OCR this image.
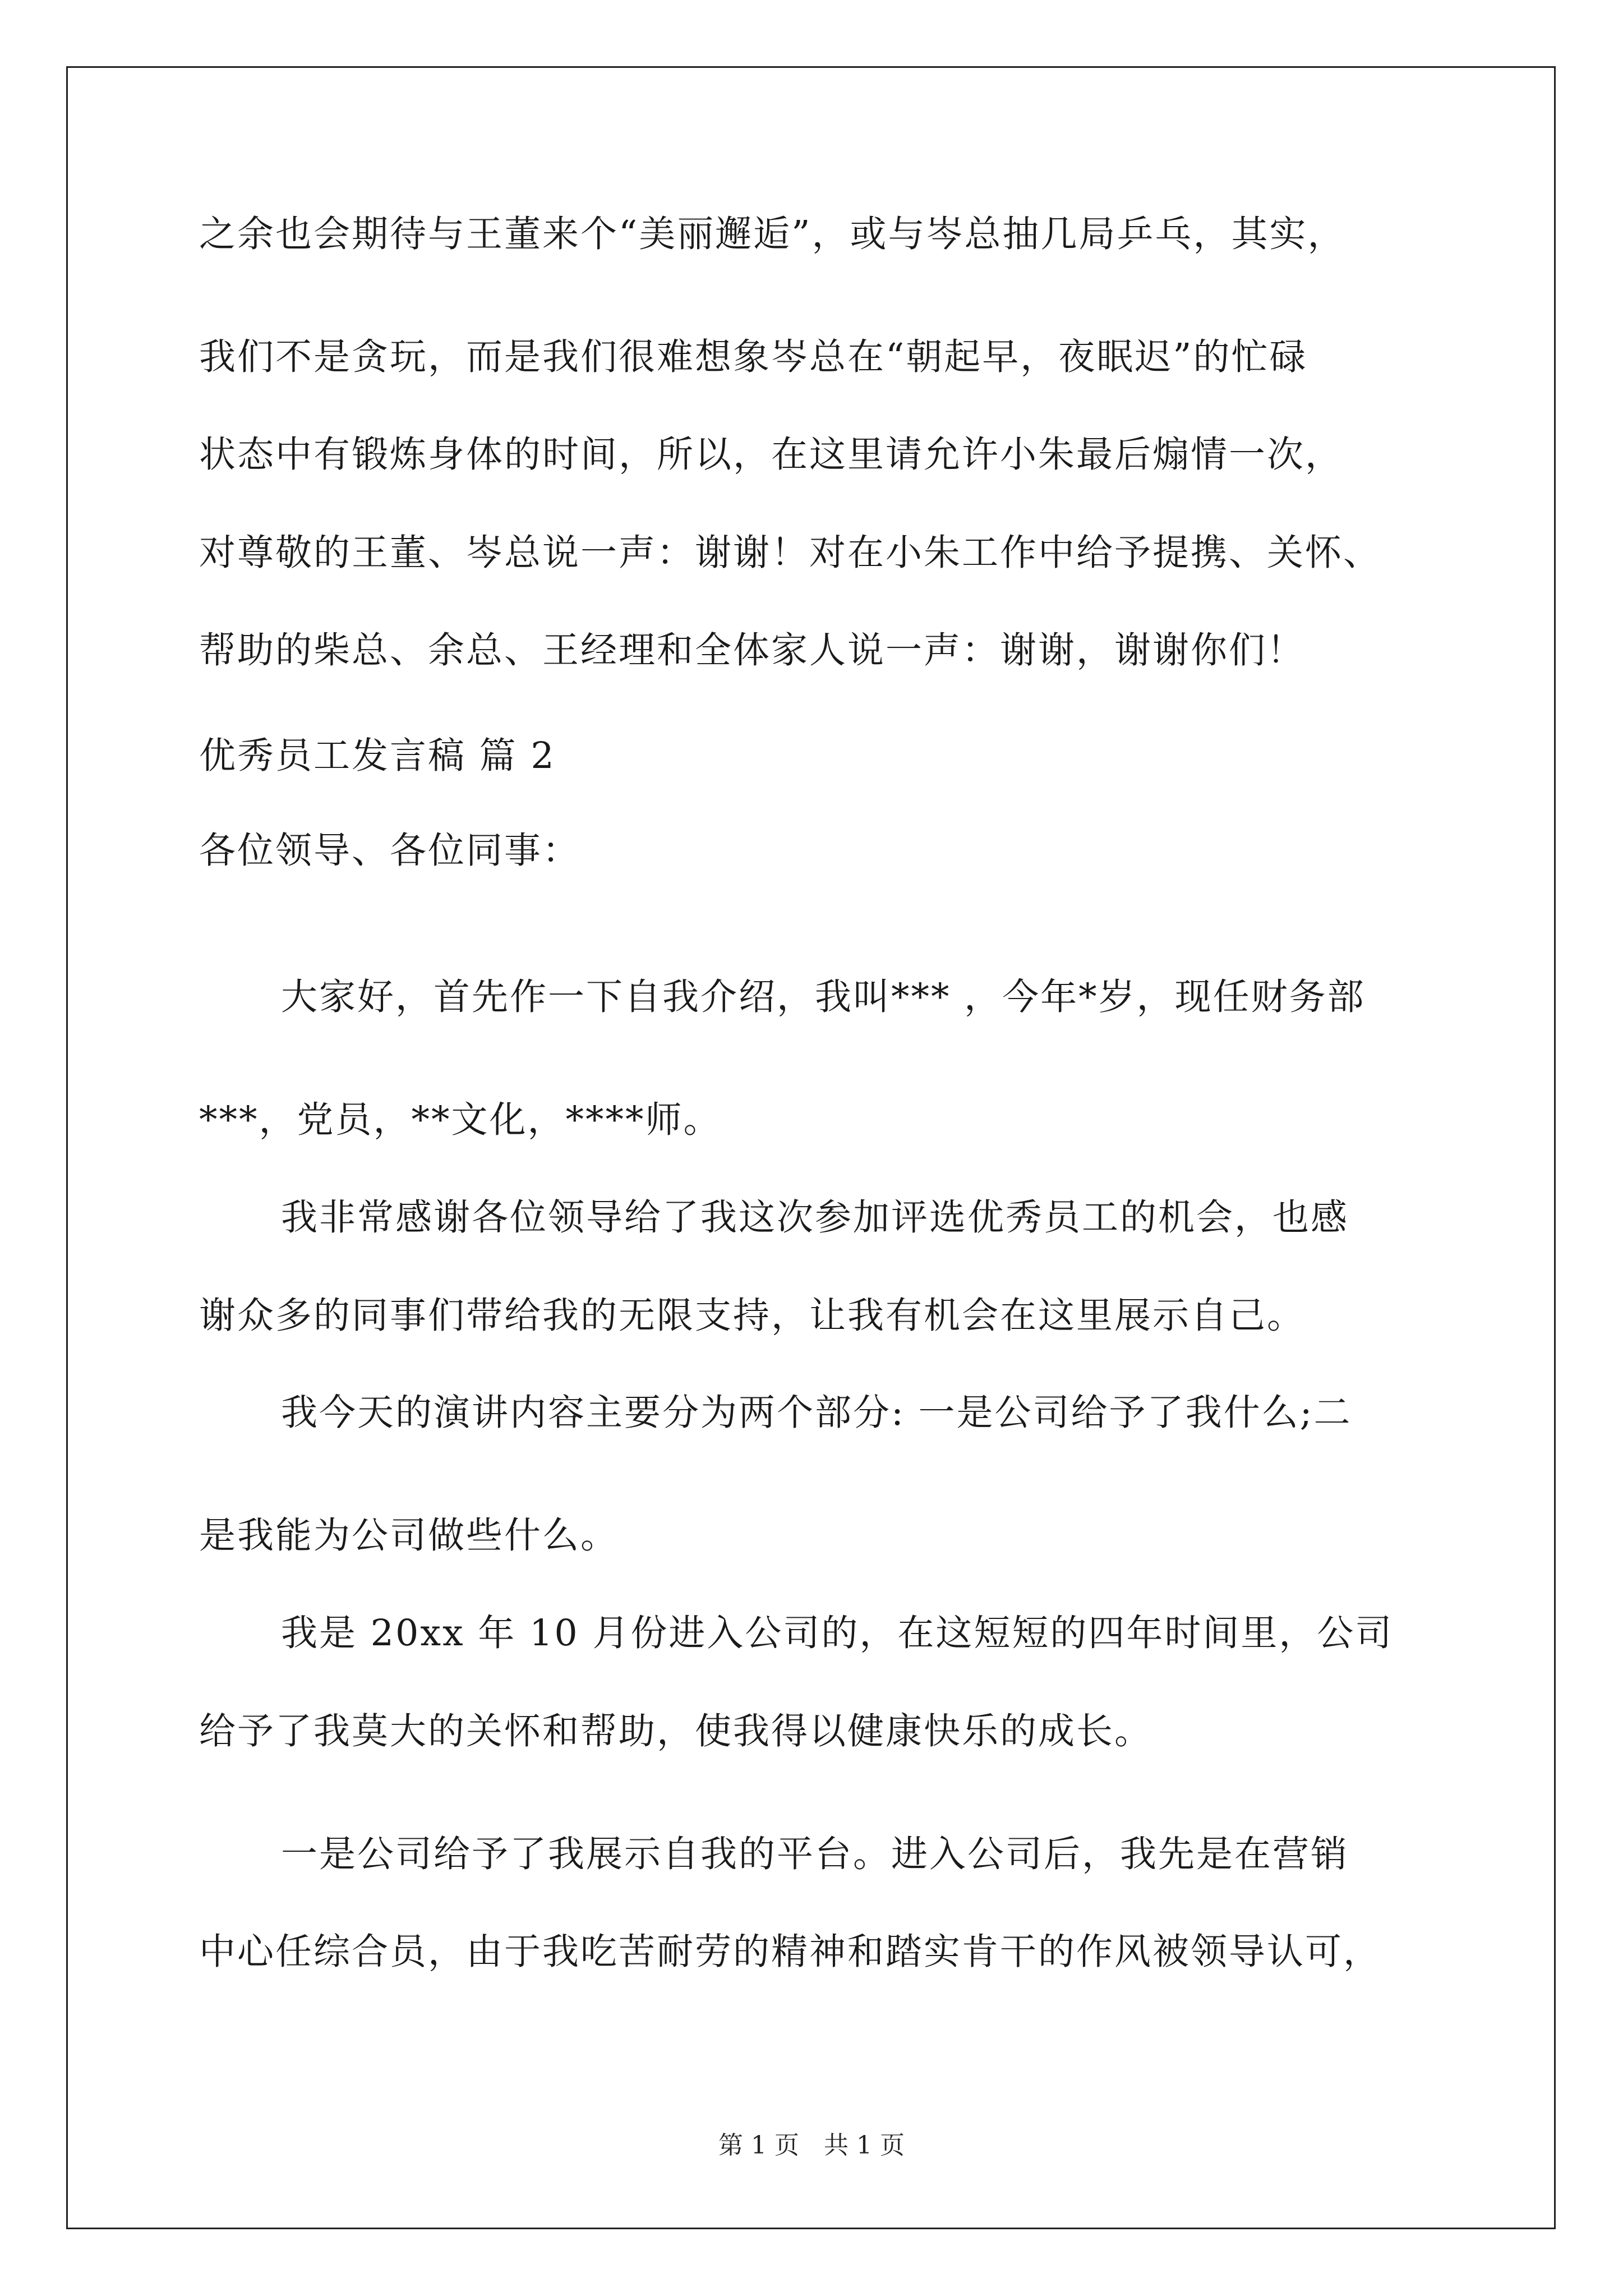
之余也会期待与王董来个“美丽邂逅”，或与岑总抽几局乒乓，其实，
我们不是贪玩，而是我们很难想象岑总在“朝起早，夜眠迟”的忙碌
状态中有锻炼身体的时间，所以，在这里请允许小朱最后煽情一次，
对尊敬的王董、岑总说一声：谢谢！对在小朱工作中给予提携、关怀、
帮助的柴总、余总、王经理和全体家人说一声：谢谢，谢谢你们！
优秀员工发言稿 篇 2
各位领导、各位同事：
大家好，首先作一下自我介绍，我叫*** ，今年*岁，现任财务部
***，党员，**文化，****师。
我非常感谢各位领导给了我这次参加评选优秀员工的机会，也感
谢众多的同事们带给我的无限支持，让我有机会在这里展示自己。
我今天的演讲内容主要分为两个部分: 一是公司给予了我什么;二
是我能为公司做些什么。
我是 20xx 年 10 月份进入公司的，在这短短的四年时间里，公司
给予了我莫大的关怀和帮助，使我得以健康快乐的成长。
一是公司给予了我展示自我的平台。进入公司后，我先是在营销
中心任综合员，由于我吃苦耐劳的精神和踏实肯干的作风被领导认可，
第 1 页　共 1 页
